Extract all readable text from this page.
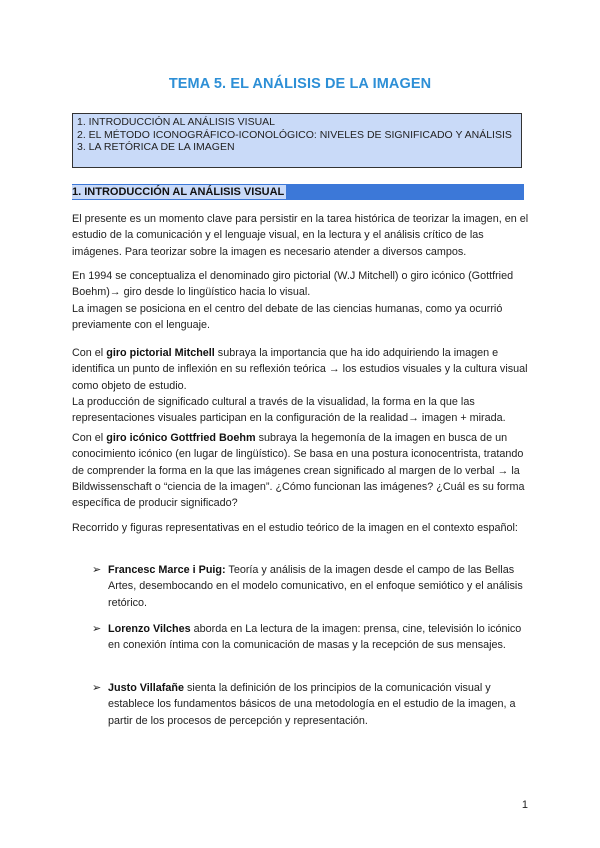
TEMA 5. EL ANÁLISIS DE LA IMAGEN
1. INTRODUCCIÓN AL ANÁLISIS VISUAL
2. EL MÉTODO ICONOGRÁFICO-ICONOLÓGICO: NIVELES DE SIGNIFICADO Y ANÁLISIS
3. LA RETÓRICA DE LA IMAGEN
1. INTRODUCCIÓN AL ANÁLISIS VISUAL
El presente es un momento clave para persistir en la tarea histórica de teorizar la imagen, en el estudio de la comunicación y el lenguaje visual, en la lectura y el análisis crítico de las imágenes. Para teorizar sobre la imagen es necesario atender a diversos campos.
En 1994 se conceptualiza el denominado giro pictorial (W.J Mitchell) o giro icónico (Gottfried Boehm)→ giro desde lo lingüístico hacia lo visual.
La imagen se posiciona en el centro del debate de las ciencias humanas, como ya ocurrió previamente con el lenguaje.
Con el giro pictorial Mitchell subraya la importancia que ha ido adquiriendo la imagen e identifica un punto de inflexión en su reflexión teórica → los estudios visuales y la cultura visual como objeto de estudio.
La producción de significado cultural a través de la visualidad, la forma en la que las representaciones visuales participan en la configuración de la realidad→ imagen + mirada.
Con el giro icónico Gottfried Boehm subraya la hegemonía de la imagen en busca de un conocimiento icónico (en lugar de lingüístico). Se basa en una postura iconocentrista, tratando de comprender la forma en la que las imágenes crean significado al margen de lo verbal → la Bildwissenschaft o “ciencia de la imagen”. ¿Cómo funcionan las imágenes? ¿Cuál es su forma específica de producir significado?
Recorrido y figuras representativas en el estudio teórico de la imagen en el contexto español:
➢ Francesc Marce i Puig: Teoría y análisis de la imagen desde el campo de las Bellas Artes, desembocando en el modelo comunicativo, en el enfoque semiótico y el análisis retórico.
➢ Lorenzo Vilches aborda en La lectura de la imagen: prensa, cine, televisión lo icónico en conexión íntima con la comunicación de masas y la recepción de sus mensajes.
➢ Justo Villafañe sienta la definición de los principios de la comunicación visual y establece los fundamentos básicos de una metodología en el estudio de la imagen, a partir de los procesos de percepción y representación.
1
